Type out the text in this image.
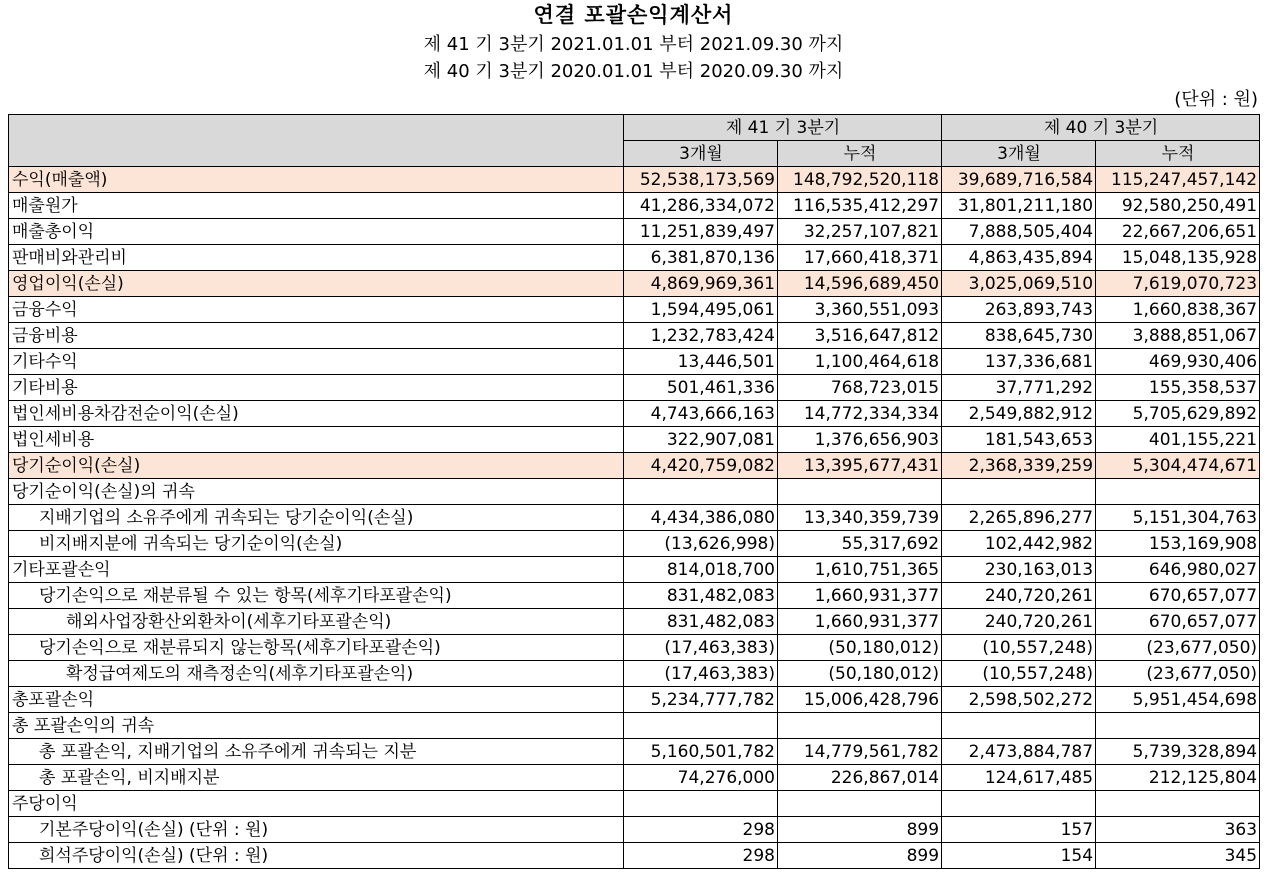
연결 포괄손익계산서
제 41 기 3분기 2021.01.01 부터 2021.09.30 까지
제 40 기 3분기 2020.01.01 부터 2020.09.30 까지
(단위 : 원)
	제 41 기 3분기		제 40 기 3분기	
	3개월	누적	3개월	누적
수익(매출액)	52,538,173,569	148,792,520,118	39,689,716,584	115,247,457,142
매출원가	41,286,334,072	116,535,412,297	31,801,211,180	92,580,250,491
매출총이익	11,251,839,497	32,257,107,821	7,888,505,404	22,667,206,651
판매비와관리비	6,381,870,136	17,660,418,371	4,863,435,894	15,048,135,928
영업이익(손실)	4,869,969,361	14,596,689,450	3,025,069,510	7,619,070,723
금융수익	1,594,495,061	3,360,551,093	263,893,743	1,660,838,367
금융비용	1,232,783,424	3,516,647,812	838,645,730	3,888,851,067
기타수익	13,446,501	1,100,464,618	137,336,681	469,930,406
기타비용	501,461,336	768,723,015	37,771,292	155,358,537
법인세비용차감전순이익(손실)	4,743,666,163	14,772,334,334	2,549,882,912	5,705,629,892
법인세비용	322,907,081	1,376,656,903	181,543,653	401,155,221
당기순이익(손실)	4,420,759,082	13,395,677,431	2,368,339,259	5,304,474,671
당기순이익(손실)의 귀속				
지배기업의 소유주에게 귀속되는 당기순이익(손실)	4,434,386,080	13,340,359,739	2,265,896,277	5,151,304,763
비지배지분에 귀속되는 당기순이익(손실)	(13,626,998)	55,317,692	102,442,982	153,169,908
기타포괄손익	814,018,700	1,610,751,365	230,163,013	646,980,027
당기손익으로 재분류될 수 있는 항목(세후기타포괄손익)	831,482,083	1,660,931,377	240,720,261	670,657,077
해외사업장환산외환차이(세후기타포괄손익)	831,482,083	1,660,931,377	240,720,261	670,657,077
당기손익으로 재분류되지 않는항목(세후기타포괄손익)	(17,463,383)	(50,180,012)	(10,557,248)	(23,677,050)
확정급여제도의 재측정손익(세후기타포괄손익)	(17,463,383)	(50,180,012)	(10,557,248)	(23,677,050)
총포괄손익	5,234,777,782	15,006,428,796	2,598,502,272	5,951,454,698
총 포괄손익의 귀속				
총 포괄손익, 지배기업의 소유주에게 귀속되는 지분	5,160,501,782	14,779,561,782	2,473,884,787	5,739,328,894
총 포괄손익, 비지배지분	74,276,000	226,867,014	124,617,485	212,125,804
주당이익				
기본주당이익(손실) (단위 : 원)	298	899	157	363
희석주당이익(손실) (단위 : 원)	298	899	154	345
